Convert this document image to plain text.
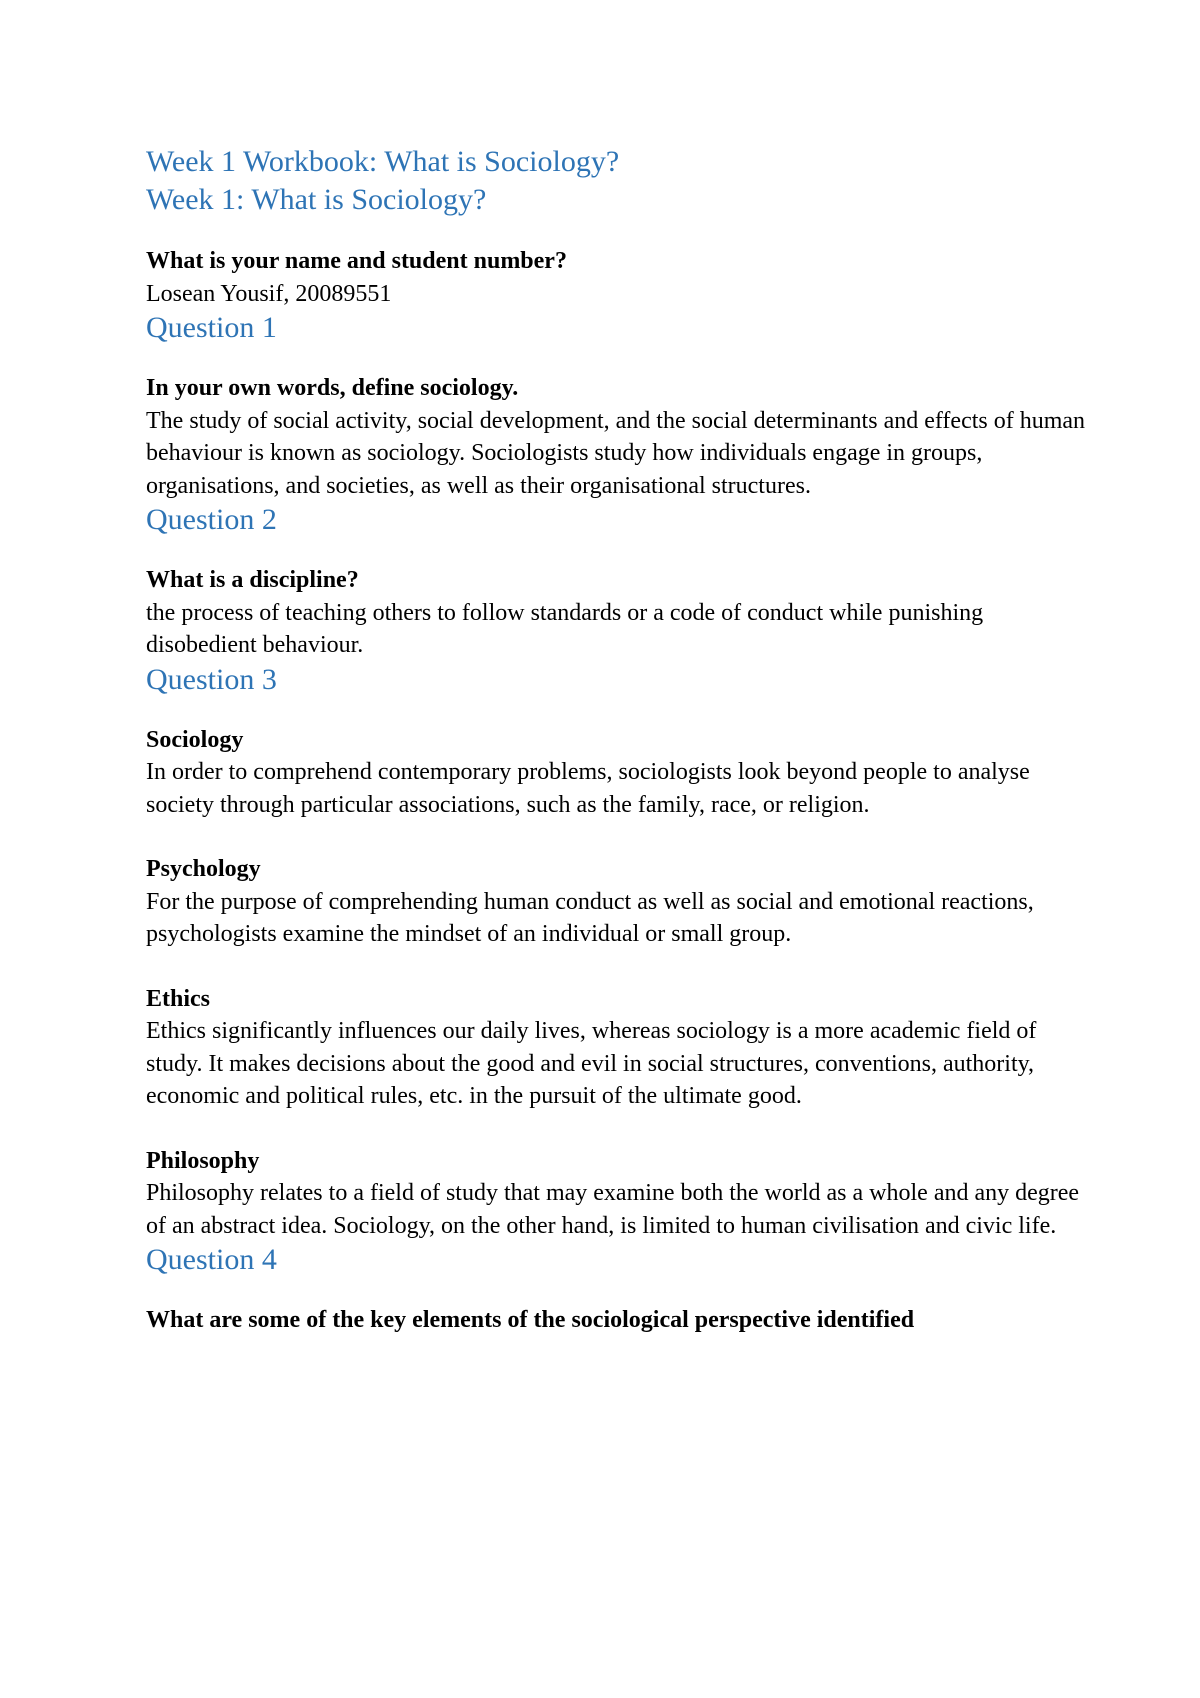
Week 1 Workbook: What is Sociology?
Week 1: What is Sociology?

What is your name and student number?

Losean Yousif, 20089551

Question 1

In your own words, define sociology.

The study of social activity, social development, and the social determinants and effects of human behaviour is known as sociology. Sociologists study how individuals engage in groups, organisations, and societies, as well as their organisational structures.

Question 2

What is a discipline?

the process of teaching others to follow standards or a code of conduct while punishing disobedient behaviour.

Question 3

Sociology

In order to comprehend contemporary problems, sociologists look beyond people to analyse society through particular associations, such as the family, race, or religion.

Psychology

For the purpose of comprehending human conduct as well as social and emotional reactions, psychologists examine the mindset of an individual or small group.

Ethics

Ethics significantly influences our daily lives, whereas sociology is a more academic field of study. It makes decisions about the good and evil in social structures, conventions, authority, economic and political rules, etc. in the pursuit of the ultimate good.

Philosophy

Philosophy relates to a field of study that may examine both the world as a whole and any degree of an abstract idea. Sociology, on the other hand, is limited to human civilisation and civic life.

Question 4

What are some of the key elements of the sociological perspective identified
